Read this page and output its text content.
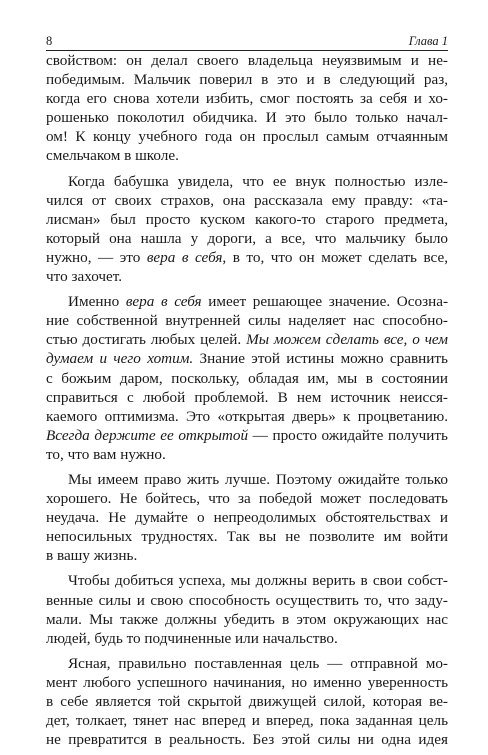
8	Глава 1
свойством: он делал своего владельца неуязвимым и не-
победимым. Мальчик поверил в это и в следующий раз,
когда его снова хотели избить, смог постоять за себя и хо-
рошенько поколотил обидчика. И это было только начал-
ом! К концу учебного года он прослыл самым отчаянным
смельчаком в школе.
Когда бабушка увидела, что ее внук полностью изле-
чился от своих страхов, она рассказала ему правду: «та-
лисман» был просто куском какого-то старого предмета,
который она нашла у дороги, а все, что мальчику было
нужно, — это вера в себя, в то, что он может сделать все,
что захочет.
Именно вера в себя имеет решающее значение. Осозна-
ние собственной внутренней силы наделяет нас способно-
стью достигать любых целей. Мы можем сделать все, о чем
думаем и чего хотим. Знание этой истины можно сравнить
с божьим даром, поскольку, обладая им, мы в состоянии
справиться с любой проблемой. В нем источник неисся-
каемого оптимизма. Это «открытая дверь» к процветанию.
Всегда держите ее открытой — просто ожидайте получить
то, что вам нужно.
Мы имеем право жить лучше. Поэтому ожидайте только
хорошего. Не бойтесь, что за победой может последовать
неудача. Не думайте о непреодолимых обстоятельствах и
непосильных трудностях. Так вы не позволите им войти
в вашу жизнь.
Чтобы добиться успеха, мы должны верить в свои собст-
венные силы и свою способность осуществить то, что заду-
мали. Мы также должны убедить в этом окружающих нас
людей, будь то подчиненные или начальство.
Ясная, правильно поставленная цель — отправной мо-
мент любого успешного начинания, но именно уверенность
в себе является той скрытой движущей силой, которая ве-
дет, толкает, тянет нас вперед и вперед, пока заданная цель
не превратится в реальность. Без этой силы ни одна идея
